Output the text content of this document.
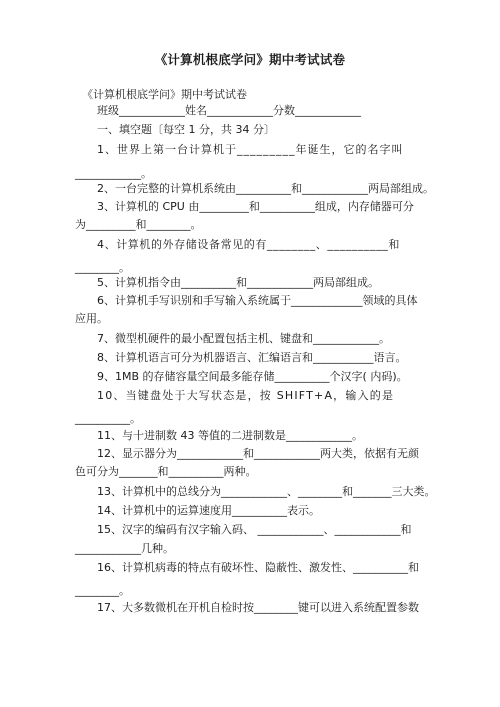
《计算机根底学问》期中考试试卷
《计算机根底学问》期中考试试卷
班级____________姓名____________分数____________
一、填空题〔每空 1 分，共 34 分〕
1、世界上第一台计算机于_________年诞生，它的名字叫
____________。
2、一台完整的计算机系统由__________和____________两局部组成。
3、计算机的 CPU 由_________和__________组成，内存储器可分
为_________和________。
4、计算机的外存储设备常见的有________、__________和
________。
5、计算机指令由__________和____________两局部组成。
6、计算机手写识别和手写输入系统属于_____________领域的具体
应用。
7、微型机硬件的最小配置包括主机、键盘和____________。
8、计算机语言可分为机器语言、汇编语言和___________语言。
9、1MB 的存储容量空间最多能存储__________个汉字( 内码)。
10、当键盘处于大写状态是，按 SHIFT+A，输入的是
__________。
11、与十进制数 43 等值的二进制数是____________。
12、显示器分为____________和____________两大类，依据有无颜
色可分为_______和__________两种。
13、计算机中的总线分为____________、________和_______三大类。
14、计算机中的运算速度用__________表示。
15、汉字的编码有汉字输入码、 ____________、____________和
____________几种。
16、计算机病毒的特点有破坏性、隐蔽性、激发性、__________和
________。
17、大多数微机在开机自检时按________键可以进入系统配置参数
